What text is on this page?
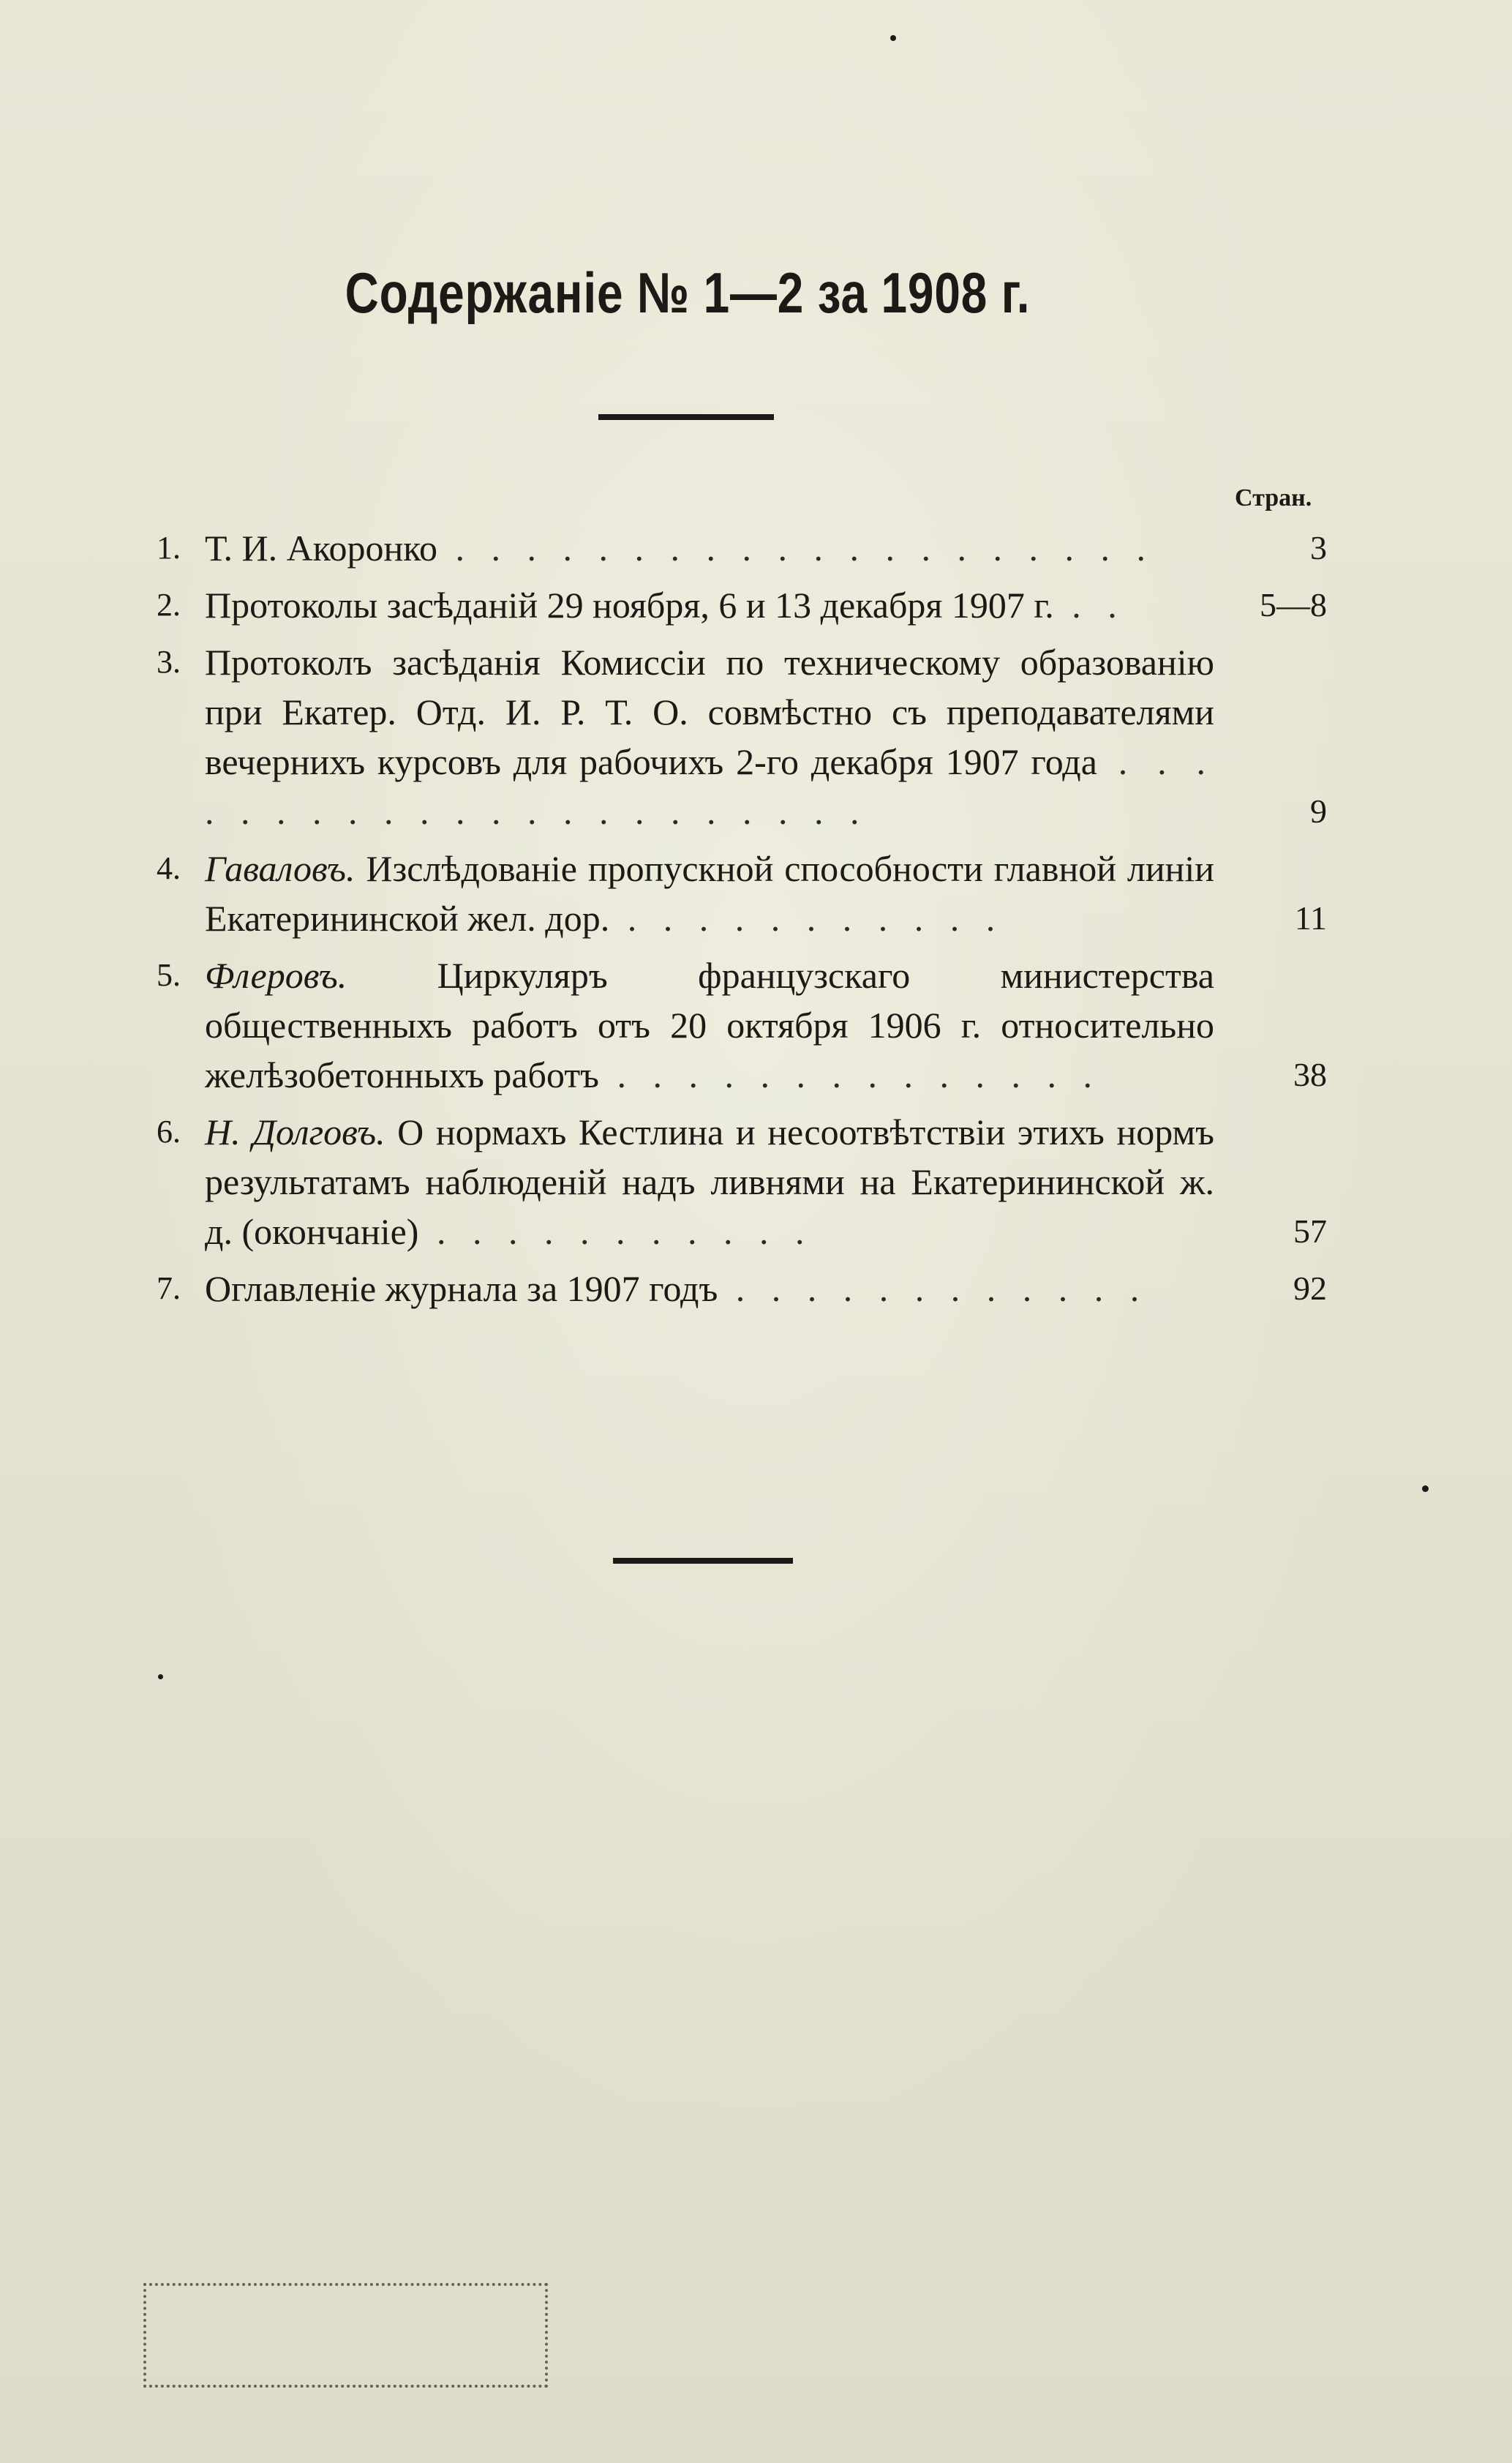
Содержаніе № 1—2 за 1908 г.
Стран.
1. Т. И. Акоронко . . . . . . . . . . . . . . . . . . . .	3
2. Протоколы засѣданій 29 ноября, 6 и 13 декабря 1907 г. . .	5—8
3. Протоколъ засѣданія Комиссіи по техническому образованію при Екатер. Отд. И. Р. Т. О. совмѣстно съ преподавателями вечернихъ курсовъ для рабочихъ 2-го декабря 1907 года . . . . . . . . . . . . . . . . . . . . . .	9
4. Гаваловъ. Изслѣдованіе пропускной способности главной линіи Екатерининской жел. дор. . . . . . . . . . . .	11
5. Флеровъ. Циркуляръ французскаго министерства общественныхъ работъ отъ 20 октября 1906 г. относительно желѣзобетонныхъ работъ . . . . . . . . . . . . . .	38
6. Н. Долговъ. О нормахъ Кестлина и несоотвѣтствіи этихъ нормъ результатамъ наблюденій надъ ливнями на Екатерининской ж. д. (окончаніе) . . . . . . . . . . .	57
7. Оглавленіе журнала за 1907 годъ . . . . . . . . . . . .	92
